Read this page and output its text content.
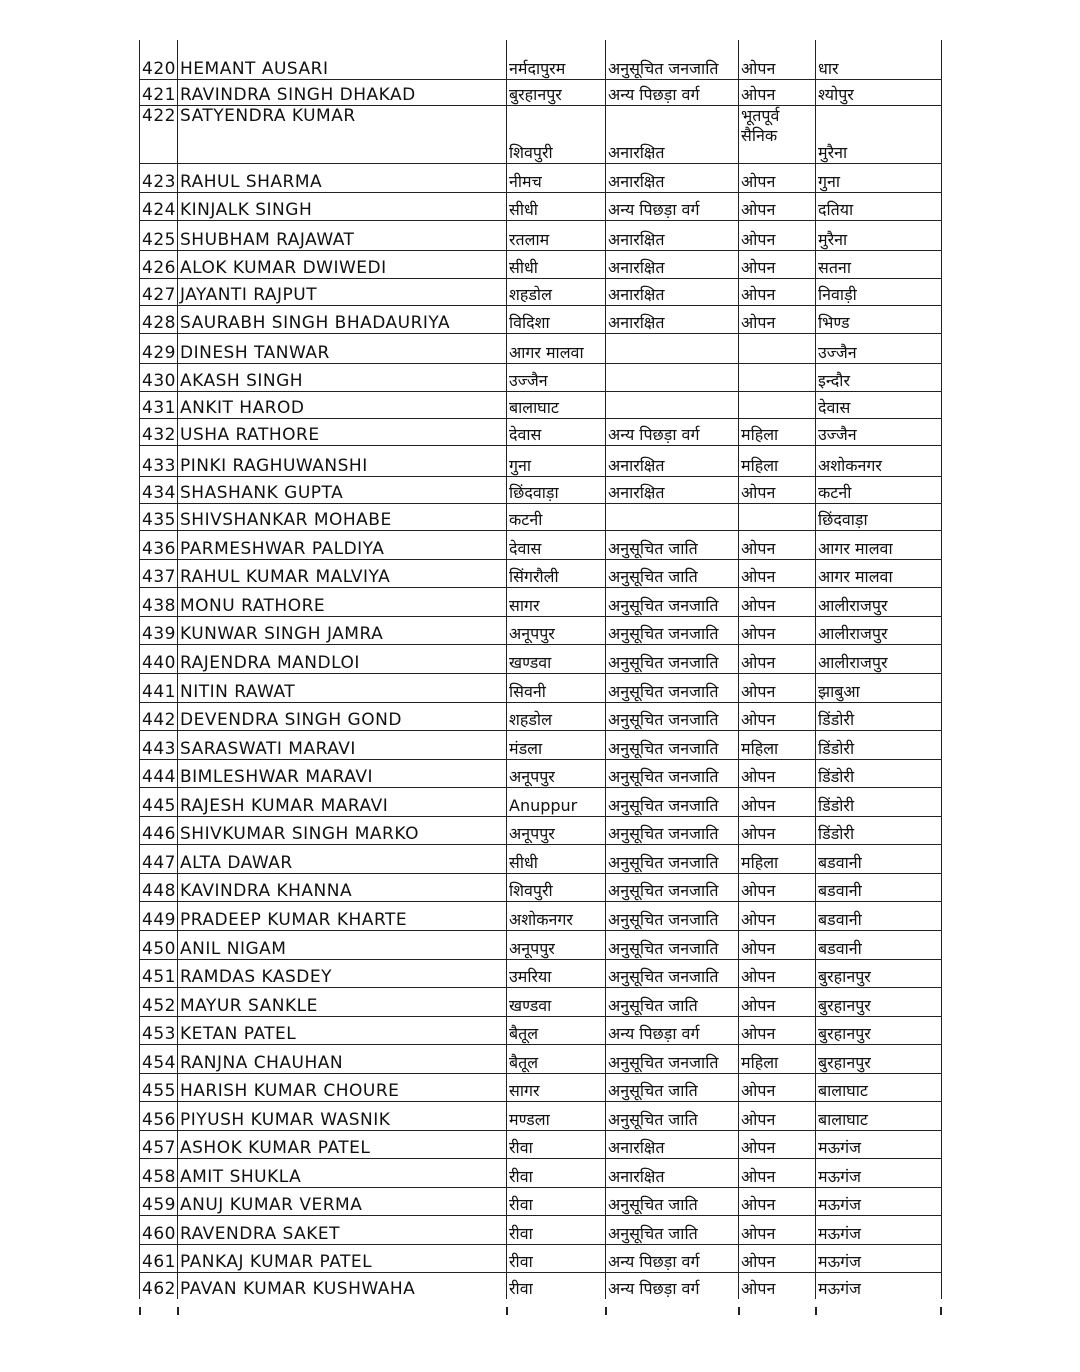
420	HEMANT AUSARI	नर्मदापुरम	अनुसूचित जनजाति	ओपन	धार
421	RAVINDRA SINGH DHAKAD	बुरहानपुर	अन्य पिछड़ा वर्ग	ओपन	श्योपुर
422	SATYENDRA KUMAR	शिवपुरी	अनारक्षित	भूतपूर्व सैनिक	मुरैना
423	RAHUL SHARMA	नीमच	अनारक्षित	ओपन	गुना
424	KINJALK SINGH	सीधी	अन्य पिछड़ा वर्ग	ओपन	दतिया
425	SHUBHAM RAJAWAT	रतलाम	अनारक्षित	ओपन	मुरैना
426	ALOK KUMAR DWIWEDI	सीधी	अनारक्षित	ओपन	सतना
427	JAYANTI RAJPUT	शहडोल	अनारक्षित	ओपन	निवाड़ी
428	SAURABH SINGH BHADAURIYA	विदिशा	अनारक्षित	ओपन	भिण्ड
429	DINESH TANWAR	आगर मालवा			उज्जैन
430	AKASH SINGH	उज्जैन			इन्दौर
431	ANKIT HAROD	बालाघाट			देवास
432	USHA RATHORE	देवास	अन्य पिछड़ा वर्ग	महिला	उज्जैन
433	PINKI RAGHUWANSHI	गुना	अनारक्षित	महिला	अशोकनगर
434	SHASHANK GUPTA	छिंदवाड़ा	अनारक्षित	ओपन	कटनी
435	SHIVSHANKAR MOHABE	कटनी			छिंदवाड़ा
436	PARMESHWAR PALDIYA	देवास	अनुसूचित जाति	ओपन	आगर मालवा
437	RAHUL KUMAR MALVIYA	सिंगरौली	अनुसूचित जाति	ओपन	आगर मालवा
438	MONU RATHORE	सागर	अनुसूचित जनजाति	ओपन	आलीराजपुर
439	KUNWAR SINGH JAMRA	अनूपपुर	अनुसूचित जनजाति	ओपन	आलीराजपुर
440	RAJENDRA MANDLOI	खण्डवा	अनुसूचित जनजाति	ओपन	आलीराजपुर
441	NITIN RAWAT	सिवनी	अनुसूचित जनजाति	ओपन	झाबुआ
442	DEVENDRA SINGH GOND	शहडोल	अनुसूचित जनजाति	ओपन	डिंडोरी
443	SARASWATI MARAVI	मंडला	अनुसूचित जनजाति	महिला	डिंडोरी
444	BIMLESHWAR MARAVI	अनूपपुर	अनुसूचित जनजाति	ओपन	डिंडोरी
445	RAJESH KUMAR MARAVI	Anuppur	अनुसूचित जनजाति	ओपन	डिंडोरी
446	SHIVKUMAR SINGH MARKO	अनूपपुर	अनुसूचित जनजाति	ओपन	डिंडोरी
447	ALTA DAWAR	सीधी	अनुसूचित जनजाति	महिला	बडवानी
448	KAVINDRA KHANNA	शिवपुरी	अनुसूचित जनजाति	ओपन	बडवानी
449	PRADEEP KUMAR KHARTE	अशोकनगर	अनुसूचित जनजाति	ओपन	बडवानी
450	ANIL NIGAM	अनूपपुर	अनुसूचित जनजाति	ओपन	बडवानी
451	RAMDAS KASDEY	उमरिया	अनुसूचित जनजाति	ओपन	बुरहानपुर
452	MAYUR SANKLE	खण्डवा	अनुसूचित जाति	ओपन	बुरहानपुर
453	KETAN PATEL	बैतूल	अन्य पिछड़ा वर्ग	ओपन	बुरहानपुर
454	RANJNA CHAUHAN	बैतूल	अनुसूचित जनजाति	महिला	बुरहानपुर
455	HARISH KUMAR CHOURE	सागर	अनुसूचित जाति	ओपन	बालाघाट
456	PIYUSH KUMAR WASNIK	मण्डला	अनुसूचित जाति	ओपन	बालाघाट
457	ASHOK KUMAR PATEL	रीवा	अनारक्षित	ओपन	मऊगंज
458	AMIT SHUKLA	रीवा	अनारक्षित	ओपन	मऊगंज
459	ANUJ KUMAR VERMA	रीवा	अनुसूचित जाति	ओपन	मऊगंज
460	RAVENDRA SAKET	रीवा	अनुसूचित जाति	ओपन	मऊगंज
461	PANKAJ KUMAR PATEL	रीवा	अन्य पिछड़ा वर्ग	ओपन	मऊगंज
462	PAVAN KUMAR KUSHWAHA	रीवा	अन्य पिछड़ा वर्ग	ओपन	मऊगंज
